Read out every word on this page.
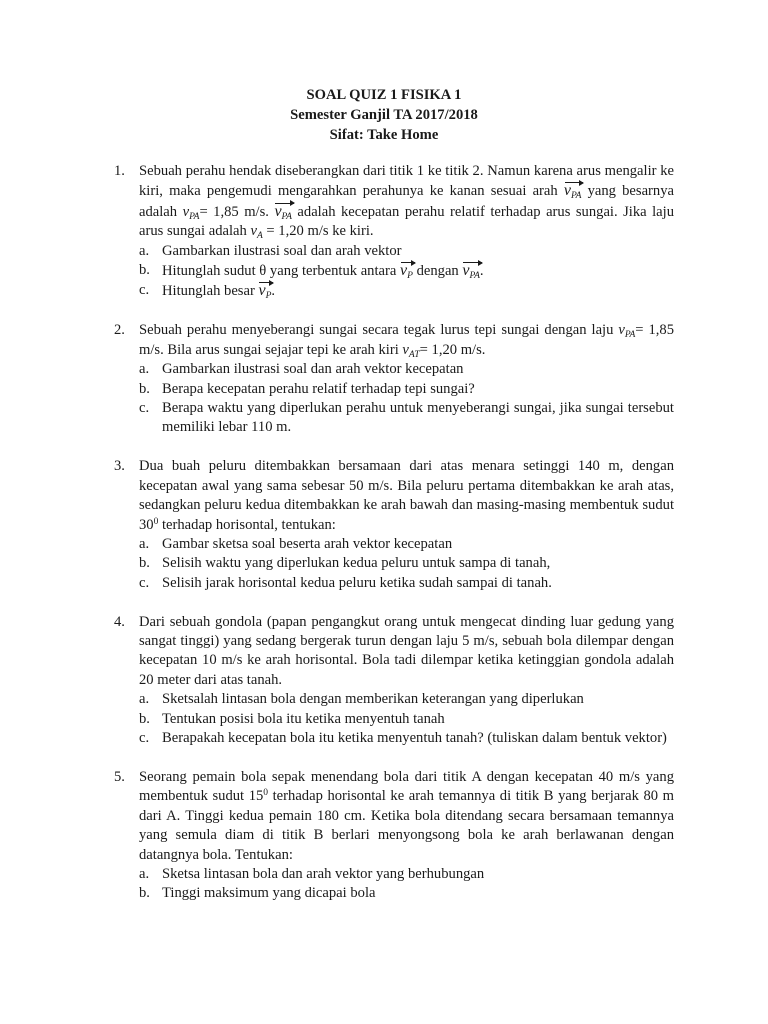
SOAL QUIZ 1 FISIKA 1
Semester Ganjil TA 2017/2018
Sifat: Take Home
1. Sebuah perahu hendak diseberangkan dari titik 1 ke titik 2. Namun karena arus mengalir ke kiri, maka pengemudi mengarahkan perahunya ke kanan sesuai arah
$v_{PA}$ yang besarnya adalah $v_{PA}= 1,85$ m/s.
$v_{PA}$ adalah kecepatan perahu relatif terhadap arus sungai. Jika laju arus sungai adalah $v_A = 1,20$ m/s ke kiri.
a. Gambarkan ilustrasi soal dan arah vektor
b. Hitunglah sudut θ yang terbentuk antara
$v_P$ dengan
$v_{PA}$.
c. Hitunglah besar
$v_P$.
2. Sebuah perahu menyeberangi sungai secara tegak lurus tepi sungai dengan laju $v_{PA}= 1,85$ m/s. Bila arus sungai sejajar tepi ke arah kiri $v_{AT}= 1,20$ m/s.
a. Gambarkan ilustrasi soal dan arah vektor kecepatan
b. Berapa kecepatan perahu relatif terhadap tepi sungai?
c. Berapa waktu yang diperlukan perahu untuk menyeberangi sungai, jika sungai tersebut memiliki lebar 110 m.
3. Dua buah peluru ditembakkan bersamaan dari atas menara setinggi 140 m, dengan kecepatan awal yang sama sebesar 50 m/s. Bila peluru pertama ditembakkan ke arah atas, sedangkan peluru kedua ditembakkan ke arah bawah dan masing-masing membentuk sudut $30^0$ terhadap horisontal, tentukan:
a. Gambar sketsa soal beserta arah vektor kecepatan
b. Selisih waktu yang diperlukan kedua peluru untuk sampa di tanah,
c. Selisih jarak horisontal kedua peluru ketika sudah sampai di tanah.
4. Dari sebuah gondola (papan pengangkut orang untuk mengecat dinding luar gedung yang sangat tinggi) yang sedang bergerak turun dengan laju 5 m/s, sebuah bola dilempar dengan kecepatan 10 m/s ke arah horisontal. Bola tadi dilempar ketika ketinggian gondola adalah 20 meter dari atas tanah.
a. Sketsalah lintasan bola dengan memberikan keterangan yang diperlukan
b. Tentukan posisi bola itu ketika menyentuh tanah
c. Berapakah kecepatan bola itu ketika menyentuh tanah? (tuliskan dalam bentuk vektor)
5. Seorang pemain bola sepak menendang bola dari titik A dengan kecepatan 40 m/s yang membentuk sudut $15^0$ terhadap horisontal ke arah temannya di titik B yang berjarak 80 m dari A. Tinggi kedua pemain 180 cm. Ketika bola ditendang secara bersamaan temannya yang semula diam di titik B berlari menyongsong bola ke arah berlawanan dengan datangnya bola. Tentukan:
a. Sketsa lintasan bola dan arah vektor yang berhubungan
b. Tinggi maksimum yang dicapai bola
